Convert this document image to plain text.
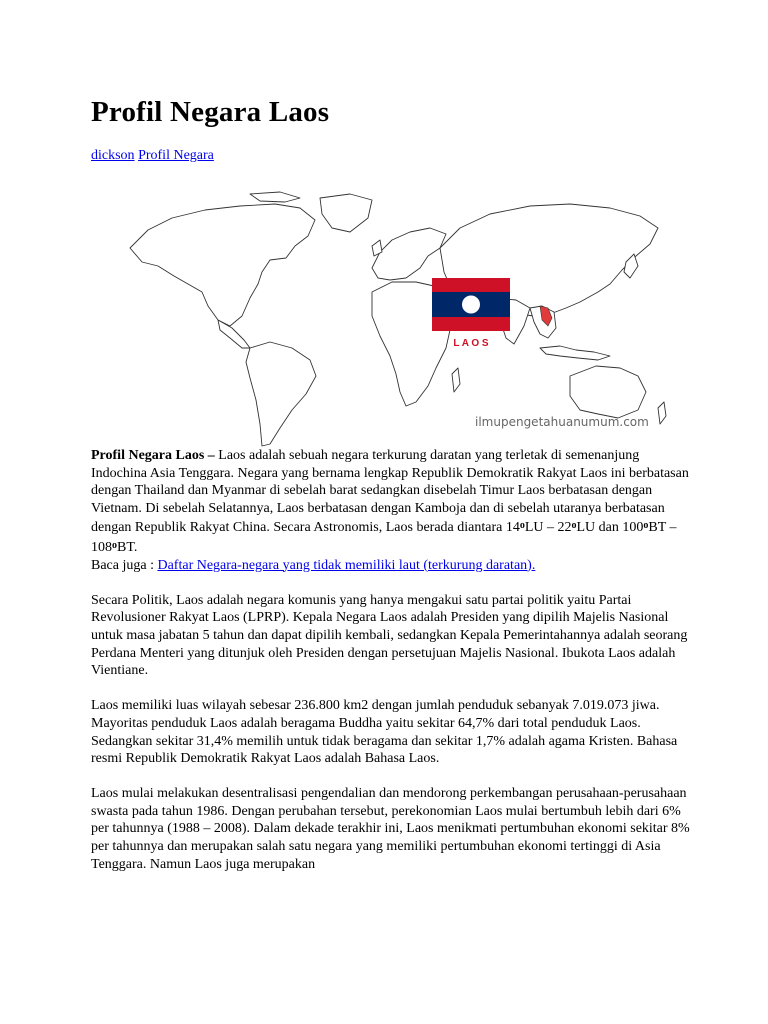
Profil Negara Laos
dickson Profil Negara
L A O S
ilmupengetahuanumum.com

Profil Negara Laos – Laos adalah sebuah negara terkurung daratan yang terletak di semenanjung Indochina Asia Tenggara. Negara yang bernama lengkap Republik Demokratik Rakyat Laos ini berbatasan dengan Thailand dan Myanmar di sebelah barat sedangkan disebelah Timur Laos berbatasan dengan Vietnam. Di sebelah Selatannya, Laos berbatasan dengan Kamboja dan di sebelah utaranya berbatasan dengan Republik Rakyat China. Secara Astronomis, Laos berada diantara 14$^o$LU – 22$^o$LU dan 100$^o$BT – 108$^o$BT.
Baca juga : Daftar Negara-negara yang tidak memiliki laut (terkurung daratan).

Secara Politik, Laos adalah negara komunis yang hanya mengakui satu partai politik yaitu Partai Revolusioner Rakyat Laos (LPRP). Kepala Negara Laos adalah Presiden yang dipilih Majelis Nasional untuk masa jabatan 5 tahun dan dapat dipilih kembali, sedangkan Kepala Pemerintahannya adalah seorang Perdana Menteri yang ditunjuk oleh Presiden dengan persetujuan Majelis Nasional. Ibukota Laos adalah Vientiane.

Laos memiliki luas wilayah sebesar 236.800 km2 dengan jumlah penduduk sebanyak 7.019.073 jiwa. Mayoritas penduduk Laos adalah beragama Buddha yaitu sekitar 64,7% dari total penduduk Laos. Sedangkan sekitar 31,4% memilih untuk tidak beragama dan sekitar 1,7% adalah agama Kristen. Bahasa resmi Republik Demokratik Rakyat Laos adalah Bahasa Laos.

Laos mulai melakukan desentralisasi pengendalian dan mendorong perkembangan perusahaan-perusahaan swasta pada tahun 1986. Dengan perubahan tersebut, perekonomian Laos mulai bertumbuh lebih dari 6% per tahunnya (1988 – 2008). Dalam dekade terakhir ini, Laos menikmati pertumbuhan ekonomi sekitar 8% per tahunnya dan merupakan salah satu negara yang memiliki pertumbuhan ekonomi tertinggi di Asia Tenggara. Namun Laos juga merupakan
